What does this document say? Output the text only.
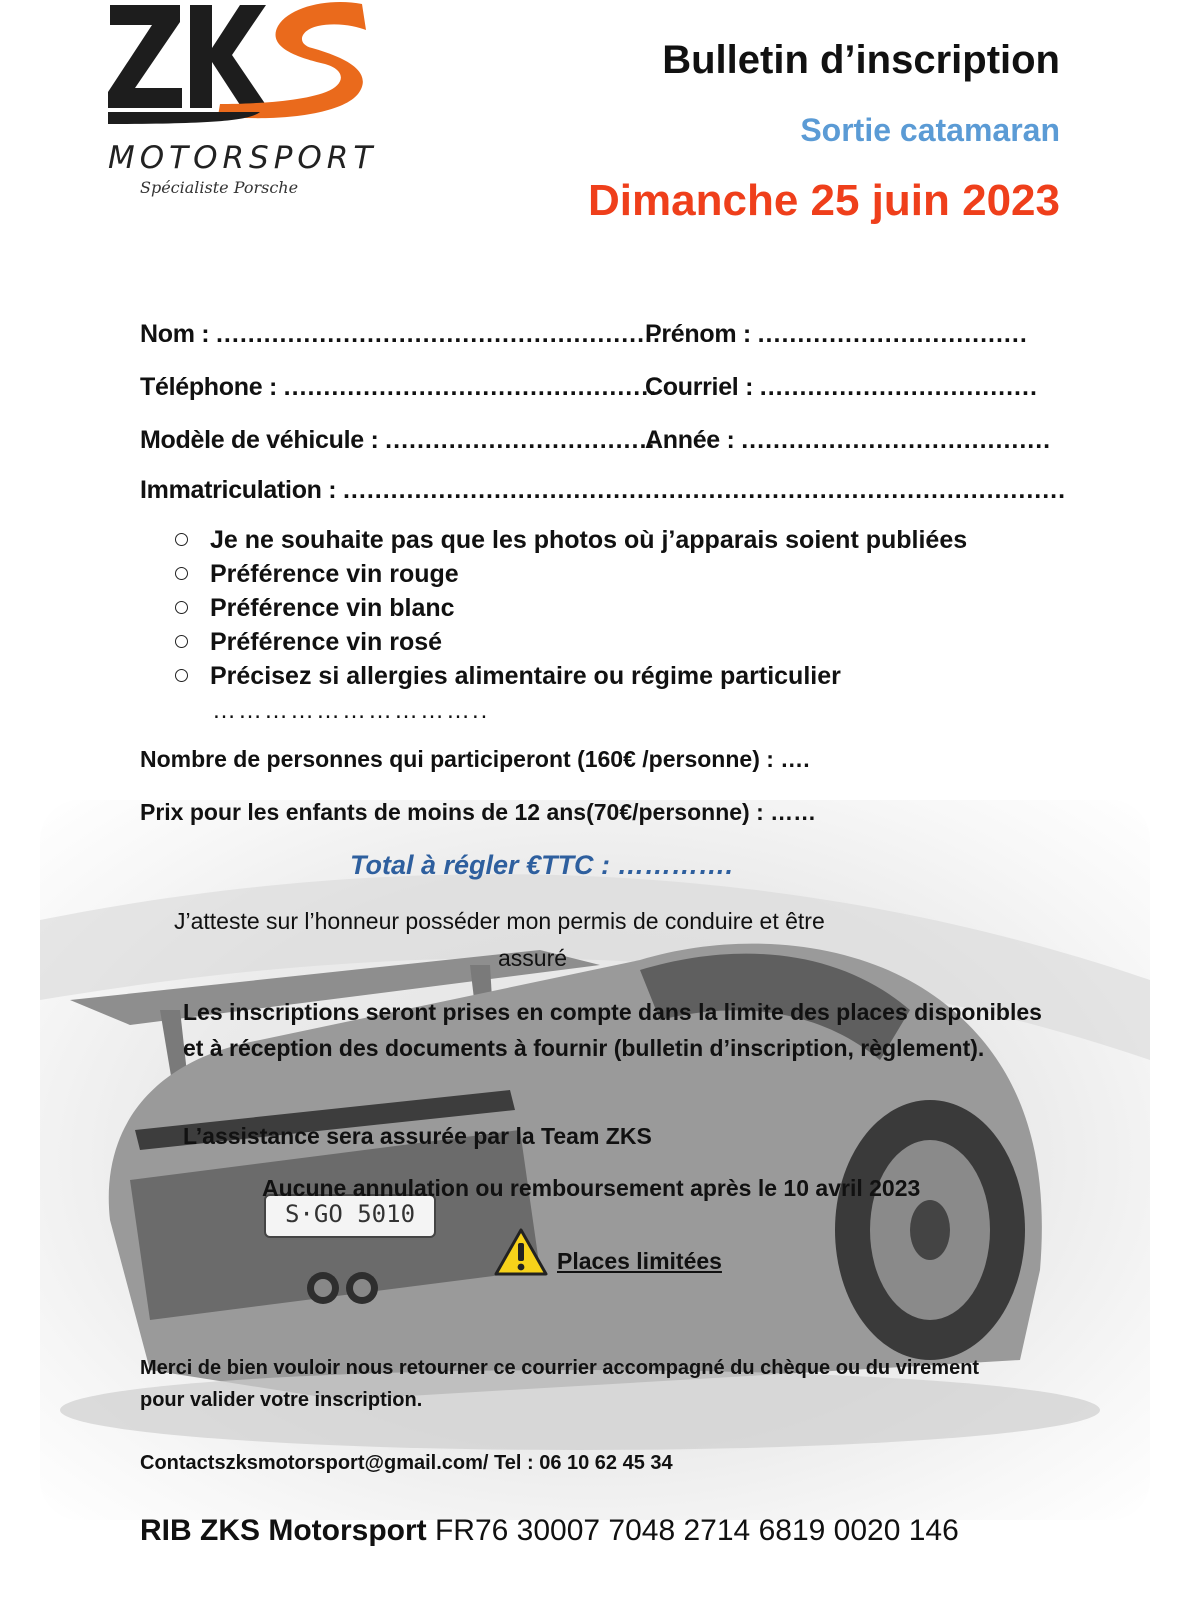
S·GO 5010
MOTORSPORT
Spécialiste Porsche
Bulletin d’inscription
Sortie catamaran
Dimanche 25 juin 2023
Nom : ........................................................
Prénom : ..................................
Téléphone : ...............................................
Courriel : ...................................
Modèle de véhicule : ..................................
Année : .......................................
Immatriculation : ...........................................................................................
Je ne souhaite pas que les photos où j’apparais soient publiées
Préférence vin rouge
Préférence vin blanc
Préférence vin rosé
Précisez si allergies alimentaire ou régime particulier
…………………………..
Nombre de personnes qui participeront (160€ /personne) : ….
Prix pour les enfants de moins de 12 ans(70€/personne) : ……
Total à régler €TTC : ………….
J’atteste sur l’honneur posséder mon permis de conduire et être
assuré
Les inscriptions seront prises en compte dans la limite des places disponibles et à réception des documents à fournir (bulletin d’inscription, règlement).
L’assistance sera assurée par la Team ZKS
Aucune annulation ou remboursement après le 10 avril 2023
Places limitées
Merci de bien vouloir nous retourner ce courrier accompagné du chèque ou du virement pour valider votre inscription.
Contactszksmotorsport@gmail.com/ Tel : 06 10 62 45 34
RIB ZKS Motorsport FR76 30007 7048 2714 6819 0020 146
